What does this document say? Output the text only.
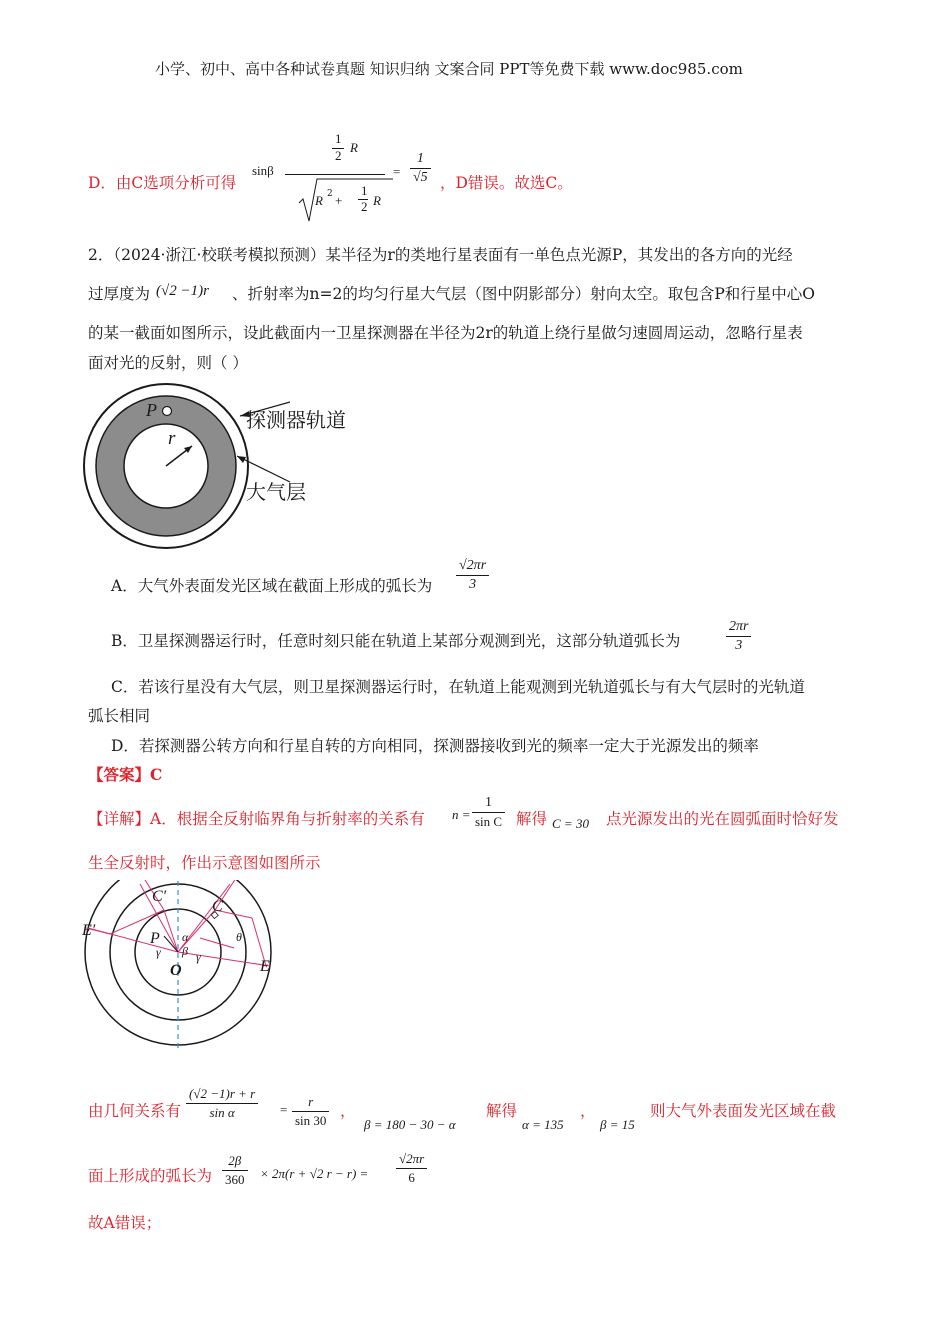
小学、初中、高中各种试卷真题 知识归纳 文案合同 PPT等免费下载 www.doc985.com
D．由C选项分析可得
sinβ
1
2
R
R 2 +
1
2 R
= $\frac{1}{√5}$ ，D错误。故选C。
2．（2024·浙江·校联考模拟预测）某半径为r的类地行星表面有一单色点光源P，其发出的各方向的光经
过厚度为 (√2 −1)r 、折射率为n=2的均匀行星大气层（图中阴影部分）射向太空。取包含P和行星中心O
的某一截面如图所示，设此截面内一卫星探测器在半径为2r的轨道上绕行星做匀速圆周运动，忽略行星表
面对光的反射，则（ ）
P
r
探测器轨道
大气层
A．大气外表面发光区域在截面上形成的弧长为 $\frac{√2\pi r}{3}$
B．卫星探测器运行时，任意时刻只能在轨道上某部分观测到光，这部分轨道弧长为	$\frac{2\pi r}{3}$
C．若该行星没有大气层，则卫星探测器运行时，在轨道上能观测到光轨道弧长与有大气层时的光轨道
弧长相同
D．若探测器公转方向和行星自转的方向相同，探测器接收到光的频率一定大于光源发出的频率
【答案】C
【详解】A．根据全反射临界角与折射率的关系有 $n = \frac{1}{\text{sin C}}$ 解得 C = 30 点光源发出的光在圆弧面时恰好发
生全反射时，作出示意图如图所示
E′
C′
C
E
P
O
α
β
γ	γ
θ
由几何关系有 $\frac{(√2 -1)r + r}{\text{sin α}} = \frac{r}{\sin 30}$ ，
β = 180 − 30 − α
解得
α = 135
，
β = 15
则大气外表面发光区域在截
面上形成的弧长为 $\frac{2\beta}{360} \times 2\pi(r + √2$ $r - r) = \frac{√2\pi r}{6}$
故A错误；
